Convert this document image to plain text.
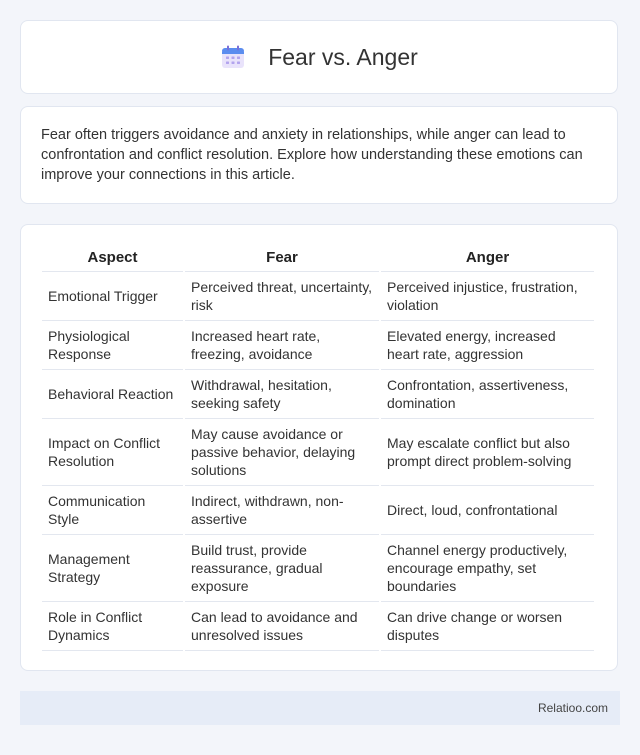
Fear vs. Anger

Fear often triggers avoidance and anxiety in relationships, while anger can lead to confrontation and conflict resolution. Explore how understanding these emotions can improve your connections in this article.

Aspect	Fear	Anger
Emotional Trigger	Perceived threat, uncertainty, risk	Perceived injustice, frustration, violation
Physiological Response	Increased heart rate, freezing, avoidance	Elevated energy, increased heart rate, aggression
Behavioral Reaction	Withdrawal, hesitation, seeking safety	Confrontation, assertiveness, domination
Impact on Conflict Resolution	May cause avoidance or passive behavior, delaying solutions	May escalate conflict but also prompt direct problem-solving
Communication Style	Indirect, withdrawn, non-assertive	Direct, loud, confrontational
Management Strategy	Build trust, provide reassurance, gradual exposure	Channel energy productively, encourage empathy, set boundaries
Role in Conflict Dynamics	Can lead to avoidance and unresolved issues	Can drive change or worsen disputes
Relatioo.com
